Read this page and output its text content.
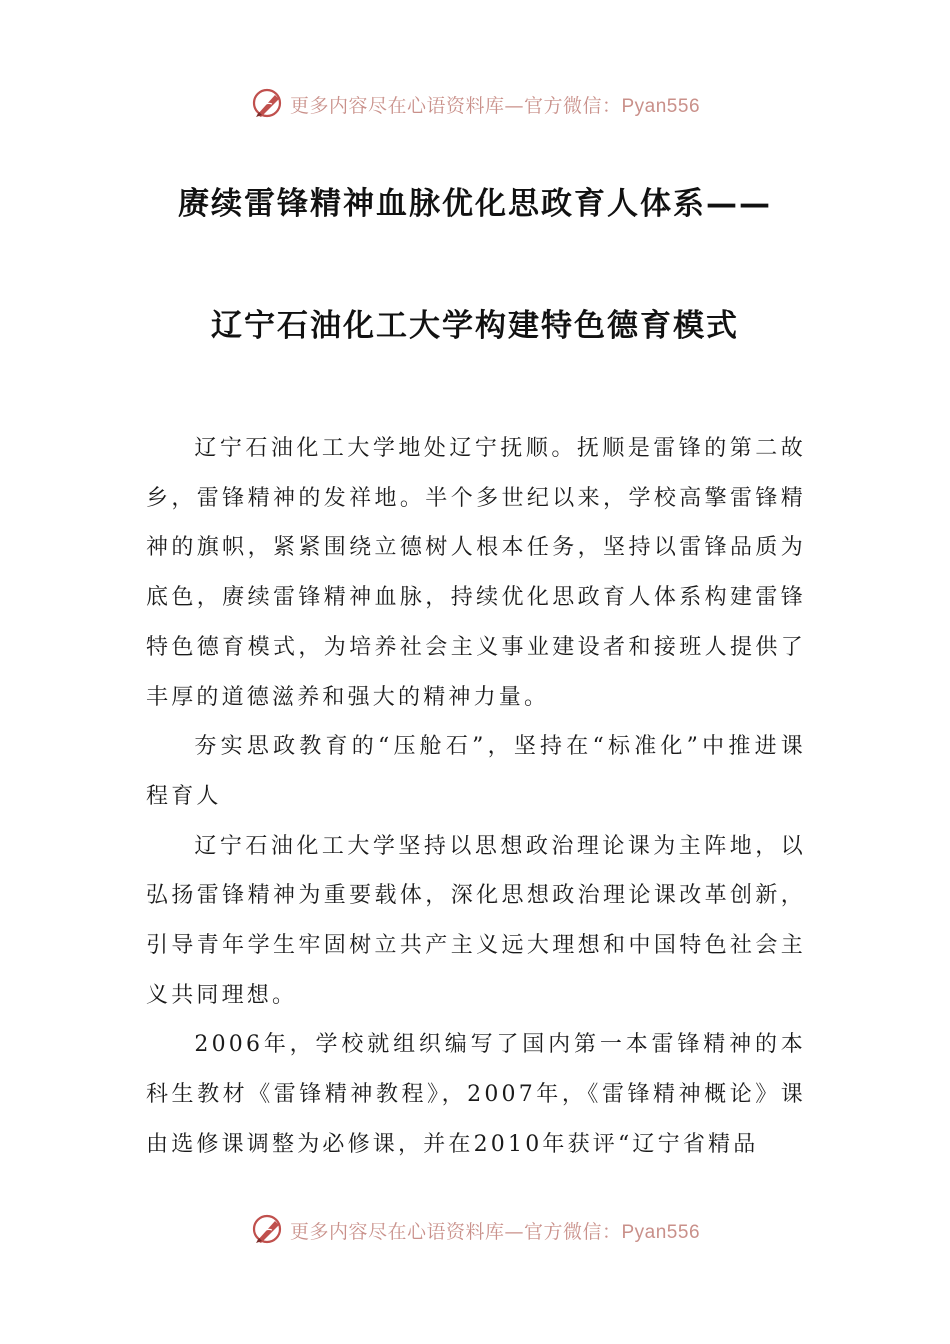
更多内容尽在心语资料库—官方微信：Pyan556
赓续雷锋精神血脉优化思政育人体系——
辽宁石油化工大学构建特色德育模式

辽宁石油化工大学地处辽宁抚顺。抚顺是雷锋的第二故乡，雷锋精神的发祥地。半个多世纪以来，学校高擎雷锋精神的旗帜，紧紧围绕立德树人根本任务，坚持以雷锋品质为底色，赓续雷锋精神血脉，持续优化思政育人体系构建雷锋特色德育模式，为培养社会主义事业建设者和接班人提供了丰厚的道德滋养和强大的精神力量。

夯实思政教育的“压舱石”，坚持在“标准化”中推进课程育人

辽宁石油化工大学坚持以思想政治理论课为主阵地，以弘扬雷锋精神为重要载体，深化思想政治理论课改革创新，引导青年学生牢固树立共产主义远大理想和中国特色社会主义共同理想。

2006年，学校就组织编写了国内第一本雷锋精神的本科生教材《雷锋精神教程》，2007年，《雷锋精神概论》课由选修课调整为必修课，并在2010年获评“辽宁省精品

更多内容尽在心语资料库—官方微信：Pyan556
